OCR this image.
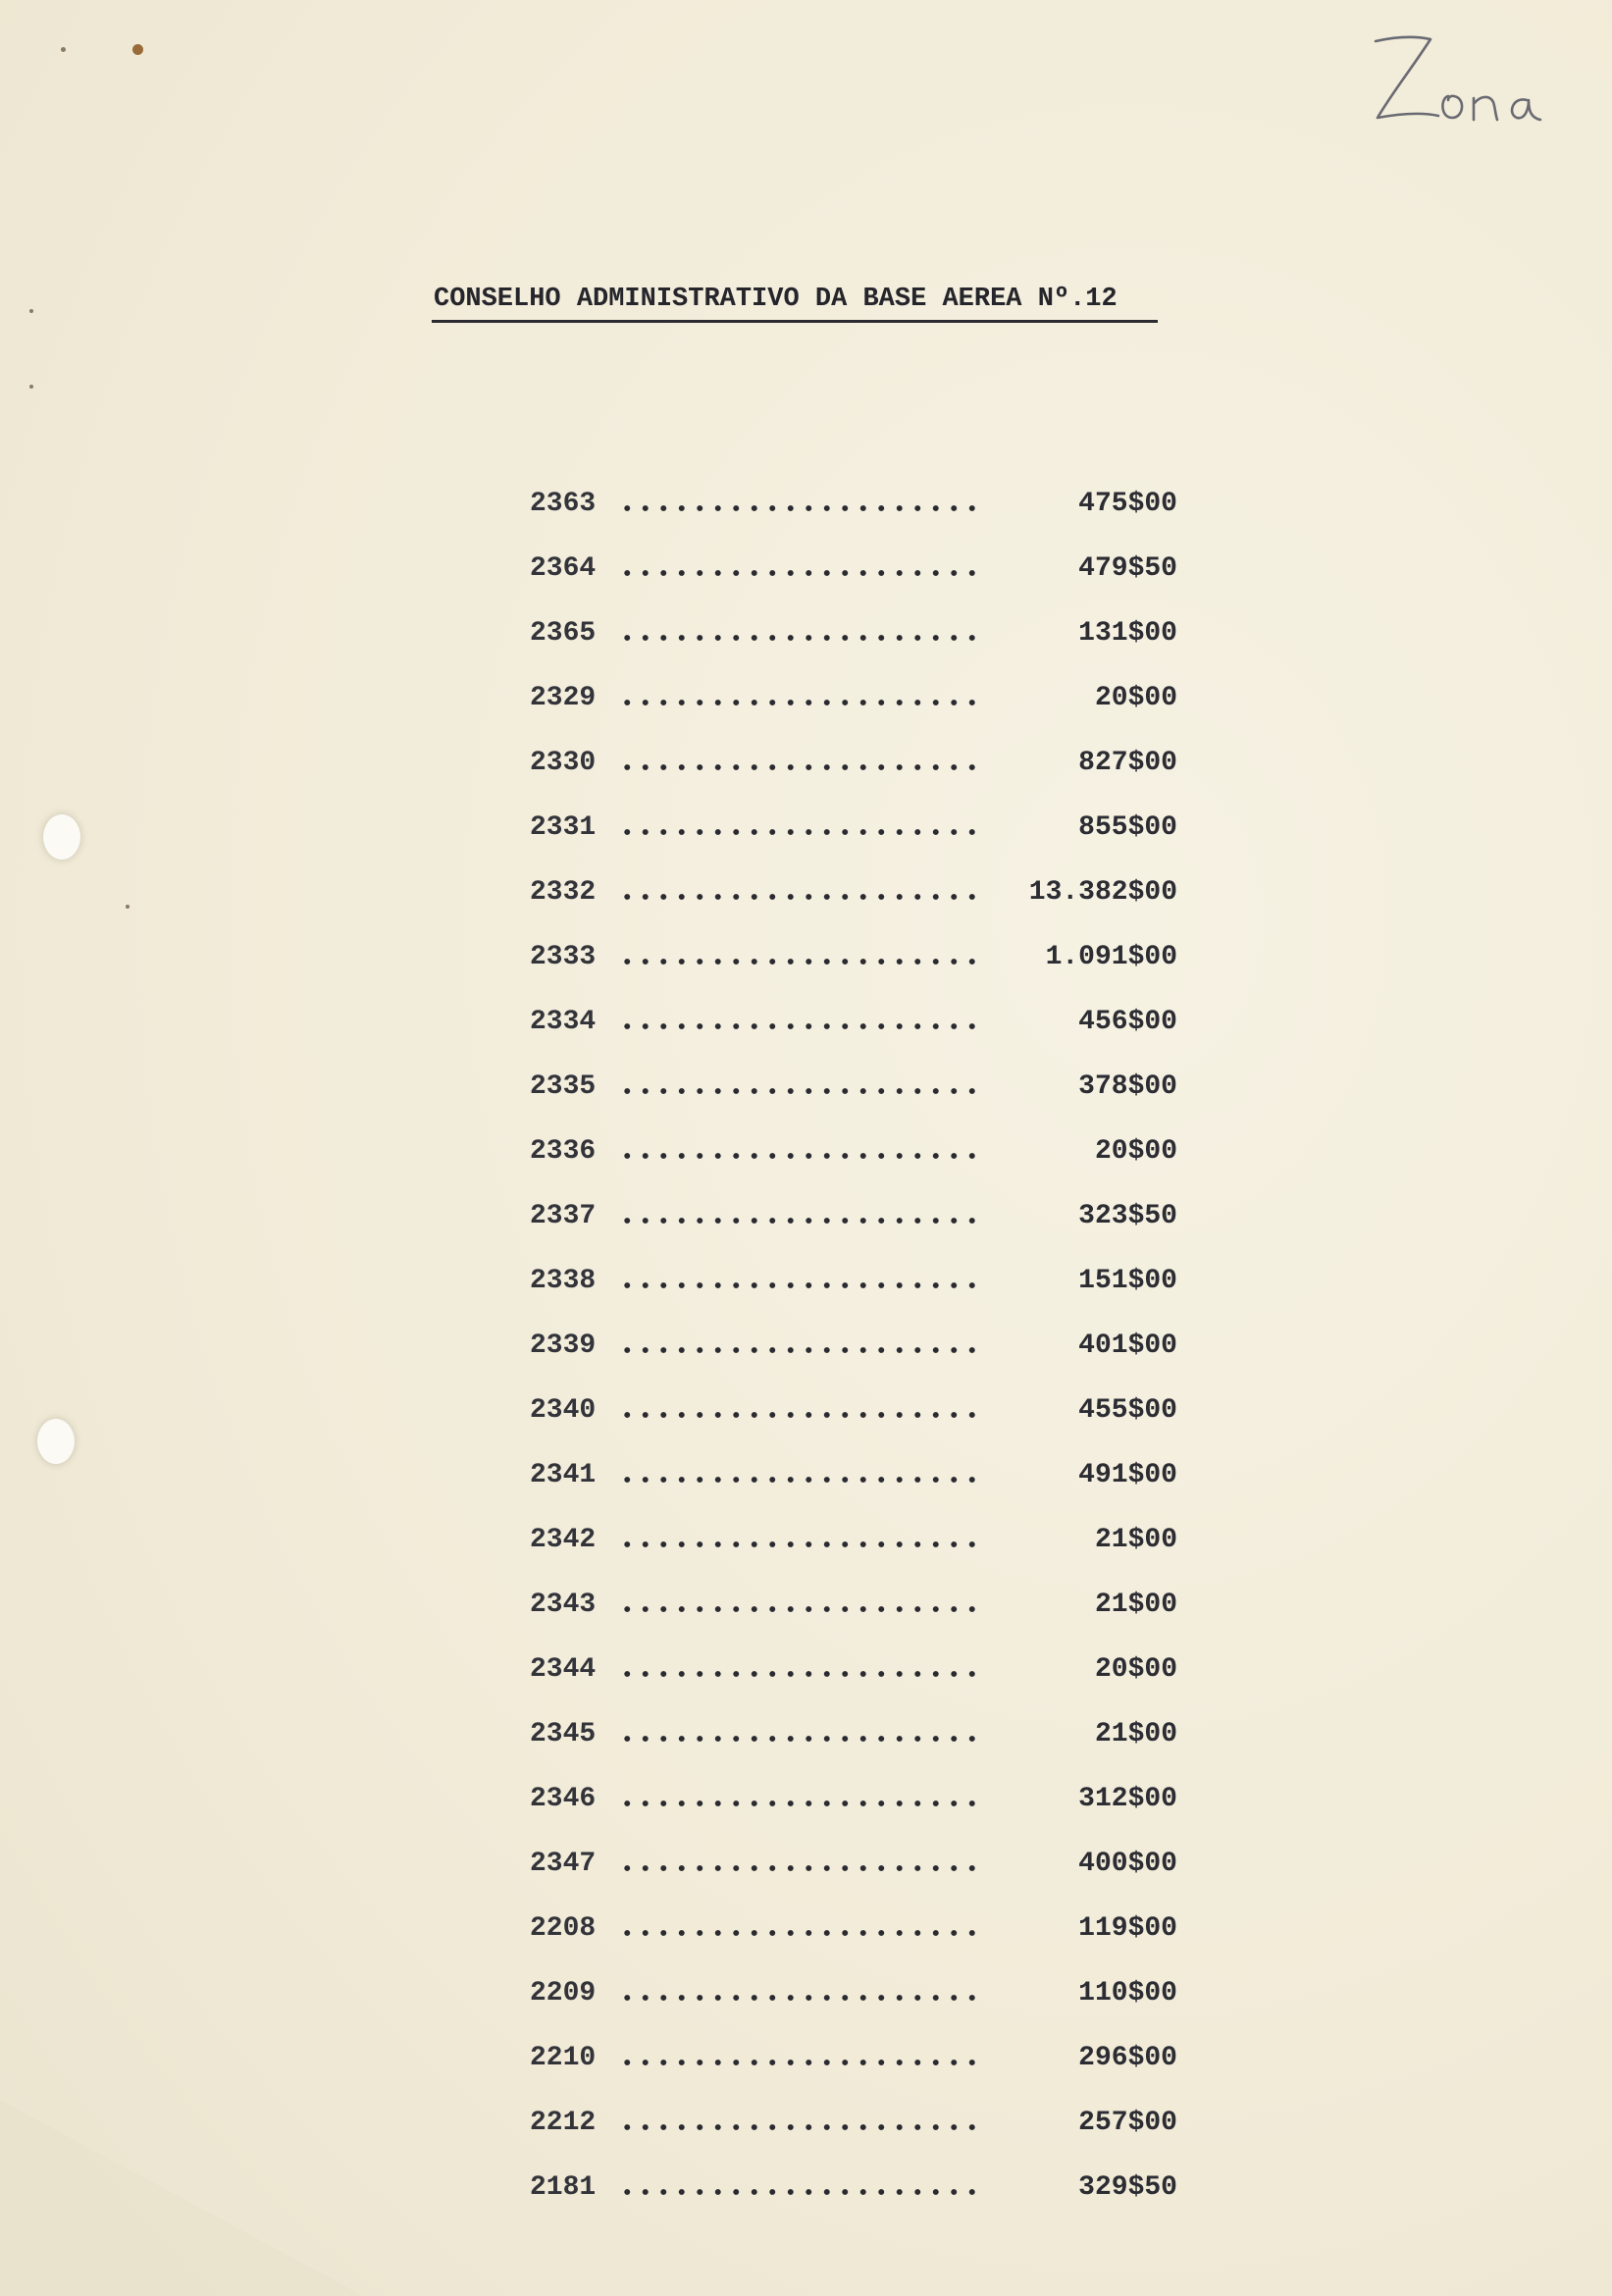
CONSELHO ADMINISTRATIVO DA BASE AEREA Nº.12
2363	475$00
2364	479$50
2365	131$00
2329	20$00
2330	827$00
2331	855$00
2332	13.382$00
2333	1.091$00
2334	456$00
2335	378$00
2336	20$00
2337	323$50
2338	151$00
2339	401$00
2340	455$00
2341	491$00
2342	21$00
2343	21$00
2344	20$00
2345	21$00
2346	312$00
2347	400$00
2208	119$00
2209	110$00
2210	296$00
2212	257$00
2181	329$50
